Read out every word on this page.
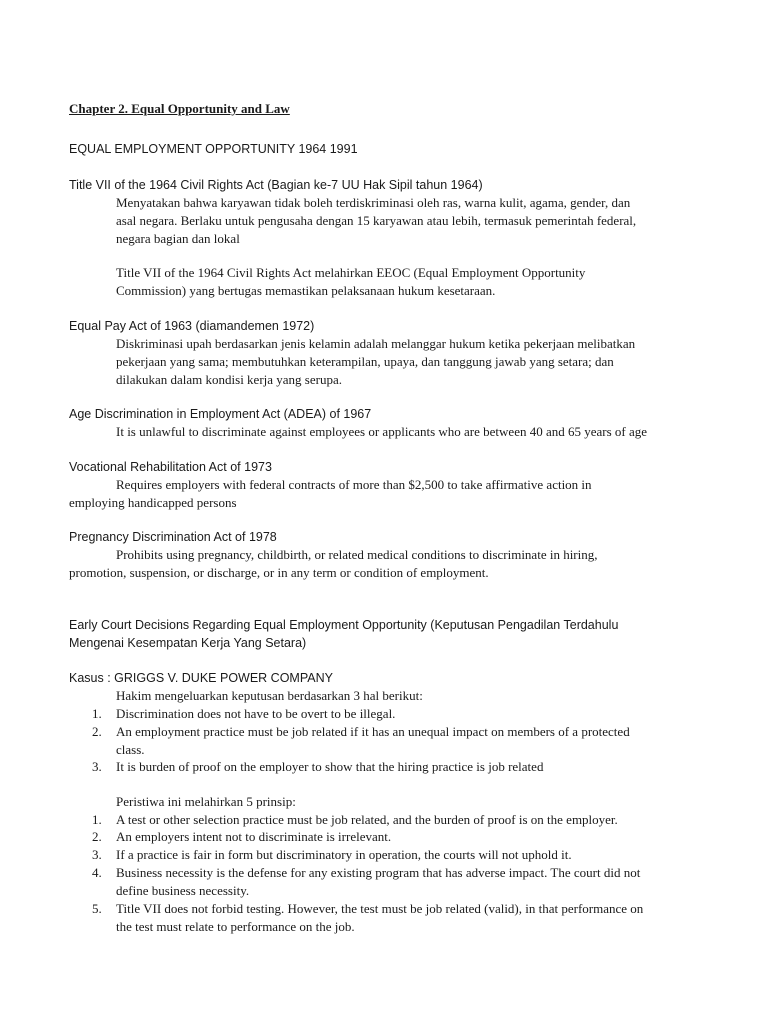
Chapter 2. Equal Opportunity and Law
EQUAL EMPLOYMENT OPPORTUNITY 1964 1991
Title VII of the 1964 Civil Rights Act (Bagian ke-7 UU Hak Sipil tahun 1964)
Menyatakan bahwa karyawan tidak boleh terdiskriminasi oleh ras, warna kulit, agama, gender, dan
asal negara. Berlaku untuk pengusaha dengan 15 karyawan atau lebih, termasuk pemerintah federal,
negara bagian dan lokal
Title VII of the 1964 Civil Rights Act melahirkan EEOC (Equal Employment Opportunity
Commission) yang bertugas memastikan pelaksanaan hukum kesetaraan.
Equal Pay Act of 1963 (diamandemen 1972)
Diskriminasi upah berdasarkan jenis kelamin adalah melanggar hukum ketika pekerjaan melibatkan
pekerjaan yang sama; membutuhkan keterampilan, upaya, dan tanggung jawab yang setara; dan
dilakukan dalam kondisi kerja yang serupa.
Age Discrimination in Employment Act (ADEA) of 1967
It is unlawful to discriminate against employees or applicants who are between 40 and 65 years of age
Vocational Rehabilitation Act of 1973
Requires employers with federal contracts of more than $2,500 to take affirmative action in
employing handicapped persons
Pregnancy Discrimination Act of 1978
Prohibits using pregnancy, childbirth, or related medical conditions to discriminate in hiring,
promotion, suspension, or discharge, or in any term or condition of employment.
Early Court Decisions Regarding Equal Employment Opportunity (Keputusan Pengadilan Terdahulu
Mengenai Kesempatan Kerja Yang Setara)
Kasus : GRIGGS V. DUKE POWER COMPANY
Hakim mengeluarkan keputusan berdasarkan 3 hal berikut:
1. Discrimination does not have to be overt to be illegal.
2. An employment practice must be job related if it has an unequal impact on members of a protected
class.
3. It is burden of proof on the employer to show that the hiring practice is job related
Peristiwa ini melahirkan 5 prinsip:
1. A test or other selection practice must be job related, and the burden of proof is on the employer.
2. An employers intent not to discriminate is irrelevant.
3. If a practice is fair in form but discriminatory in operation, the courts will not uphold it.
4. Business necessity is the defense for any existing program that has adverse impact. The court did not
define business necessity.
5. Title VII does not forbid testing. However, the test must be job related (valid), in that performance on
the test must relate to performance on the job.
